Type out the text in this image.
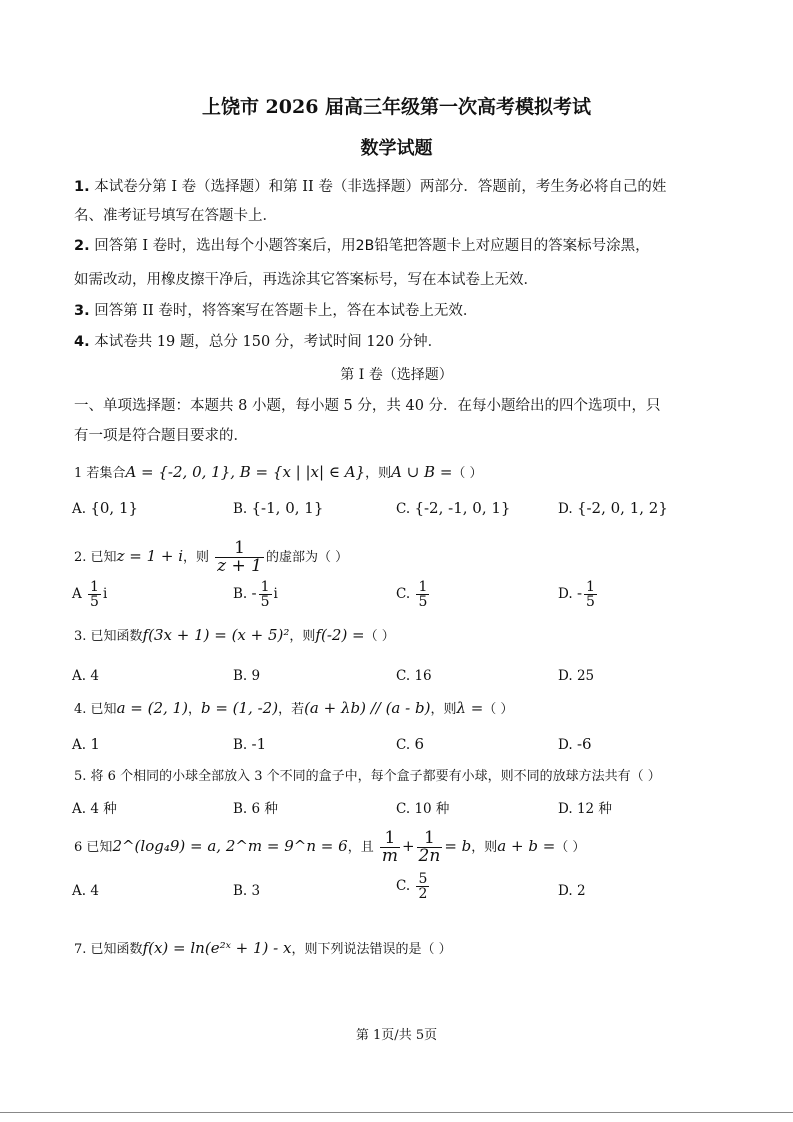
上饶市 2026 届高三年级第一次高考模拟考试
数学试题
1. 本试卷分第 I 卷（选择题）和第 II 卷（非选择题）两部分．答题前，考生务必将自己的姓
名、准考证号填写在答题卡上．
2. 回答第 I 卷时，选出每个小题答案后，用2B铅笔把答题卡上对应题目的答案标号涂黑，
如需改动，用橡皮擦干净后，再选涂其它答案标号，写在本试卷上无效．
3. 回答第 II 卷时，将答案写在答题卡上，答在本试卷上无效．
4. 本试卷共 19 题，总分 150 分，考试时间 120 分钟．
第 I 卷（选择题）
一、单项选择题：本题共 8 小题，每小题 5 分，共 40 分．在每小题给出的四个选项中，只
有一项是符合题目要求的．
1 若集合A = {-2, 0, 1}, B = {x | |x| ∈ A}，则A ∪ B =（ ）
A. {0, 1}	B. {-1, 0, 1}	C. {-2, -1, 0, 1}	D. {-2, 0, 1, 2}
2. 已知z = 1 + i，则 $\frac{1}{z + 1}$ 的虚部为（ ）
A $\frac{1}{5}$ i	B. - $\frac{1}{5}$ i	C. $\frac{1}{5}$	D. - $\frac{1}{5}$
3. 已知函数f(3x + 1) = (x + 5)²，则f(-2) =（ ）
A. 4	B. 9	C. 16	D. 25
4. 已知a = (2, 1)，b = (1, -2)，若(a + λb) // (a - b)，则λ =（ ）
A. 1	B. -1	C. 6	D. -6
5. 将 6 个相同的小球全部放入 3 个不同的盒子中，每个盒子都要有小球，则不同的放球方法共有（ ）
A. 4 种	B. 6 种	C. 10 种	D. 12 种
6 已知2^(log₄9) = a, 2^m = 9^n = 6，且 $\frac{1}{m} + \frac{1}{2n} = b$，则a + b =（ ）
A. 4	B. 3	C. $\frac{5}{2}$	D. 2
7. 已知函数f(x) = ln(e²ˣ + 1) - x，则下列说法错误的是（ ）
第 1页/共 5页
